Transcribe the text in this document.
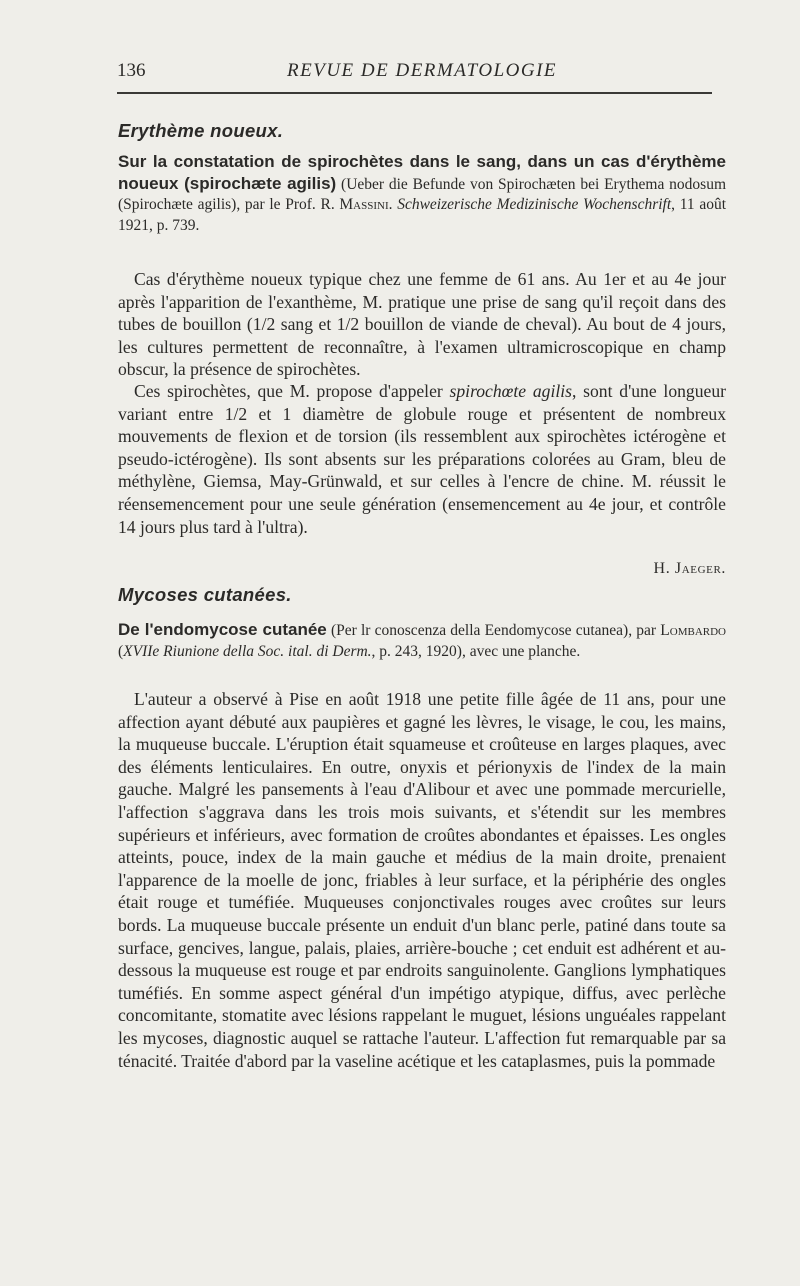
136	REVUE DE DERMATOLOGIE
Erythème noueux.

Sur la constatation de spirochètes dans le sang, dans un cas d'érythème noueux (spirochæte agilis) (Ueber die Befunde von Spirochæten bei Erythema nodosum (Spirochæte agilis), par le Prof. R. Massini. Schweizerische Medizinische Wochenschrift, 11 août 1921, p. 739.

Cas d'érythème noueux typique chez une femme de 61 ans. Au 1er et au 4e jour après l'apparition de l'exanthème, M. pratique une prise de sang qu'il reçoit dans des tubes de bouillon (1/2 sang et 1/2 bouillon de viande de cheval). Au bout de 4 jours, les cultures permettent de reconnaître, à l'examen ultramicroscopique en champ obscur, la présence de spirochètes.

Ces spirochètes, que M. propose d'appeler spirochœte agilis, sont d'une longueur variant entre 1/2 et 1 diamètre de globule rouge et présentent de nombreux mouvements de flexion et de torsion (ils ressemblent aux spirochètes ictérogène et pseudo-ictérogène). Ils sont absents sur les préparations colorées au Gram, bleu de méthylène, Giemsa, May-Grünwald, et sur celles à l'encre de chine. M. réussit le réensemencement pour une seule génération (ensemencement au 4e jour, et contrôle 14 jours plus tard à l'ultra).

H. Jaeger.

Mycoses cutanées.

De l'endomycose cutanée (Per lr conoscenza della Eendomycose cutanea), par Lombardo (XVIIe Riunione della Soc. ital. di Derm., p. 243, 1920), avec une planche.

L'auteur a observé à Pise en août 1918 une petite fille âgée de 11 ans, pour une affection ayant débuté aux paupières et gagné les lèvres, le visage, le cou, les mains, la muqueuse buccale. L'éruption était squameuse et croûteuse en larges plaques, avec des éléments lenticulaires. En outre, onyxis et périonyxis de l'index de la main gauche. Malgré les pansements à l'eau d'Alibour et avec une pommade mercurielle, l'affection s'aggrava dans les trois mois suivants, et s'étendit sur les membres supérieurs et inférieurs, avec formation de croûtes abondantes et épaisses. Les ongles atteints, pouce, index de la main gauche et médius de la main droite, prenaient l'apparence de la moelle de jonc, friables à leur surface, et la périphérie des ongles était rouge et tuméfiée. Muqueuses conjonctivales rouges avec croûtes sur leurs bords. La muqueuse buccale présente un enduit d'un blanc perle, patiné dans toute sa surface, gencives, langue, palais, plaies, arrière-bouche ; cet enduit est adhérent et au-dessous la muqueuse est rouge et par endroits sanguinolente. Ganglions lymphatiques tuméfiés. En somme aspect général d'un impétigo atypique, diffus, avec perlèche concomitante, stomatite avec lésions rappelant le muguet, lésions unguéales rappelant les mycoses, diagnostic auquel se rattache l'auteur. L'affection fut remarquable par sa ténacité. Traitée d'abord par la vaseline acétique et les cataplasmes, puis la pommade
